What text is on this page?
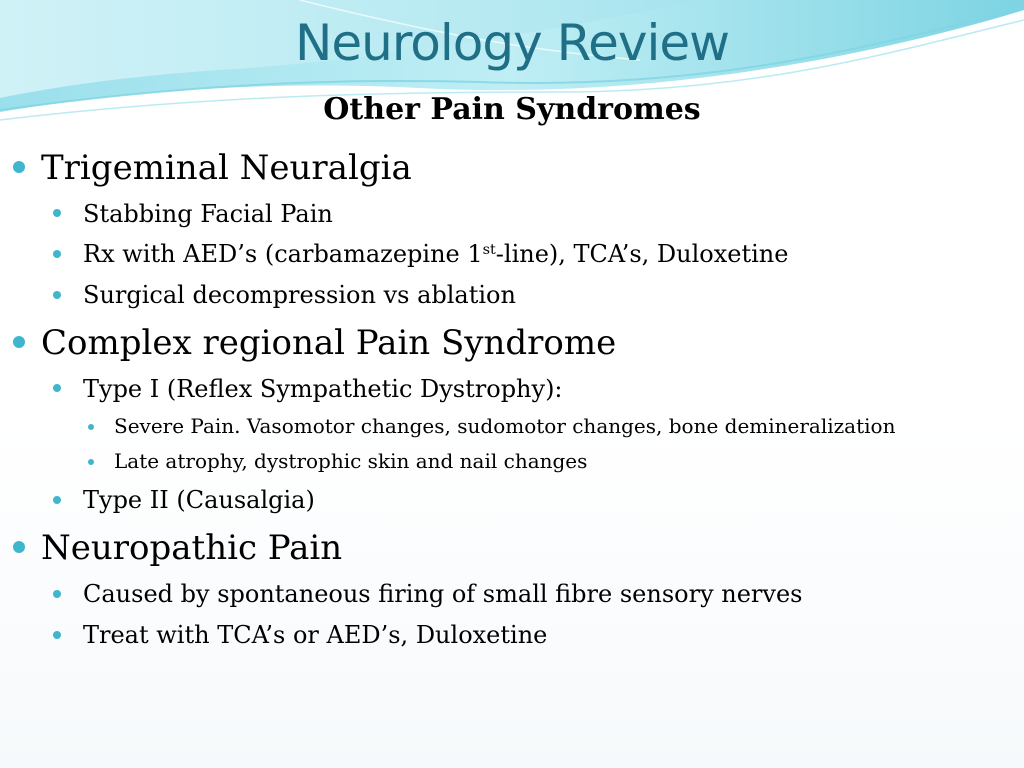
Neurology Review
Other Pain Syndromes
Trigeminal Neuralgia
Stabbing Facial Pain
Rx with AED’s (carbamazepine 1st-line), TCA’s, Duloxetine
Surgical decompression vs ablation
Complex regional Pain Syndrome
Type I (Reflex Sympathetic Dystrophy):
Severe Pain. Vasomotor changes, sudomotor changes, bone demineralization
Late atrophy, dystrophic skin and nail changes
Type II (Causalgia)
Neuropathic Pain
Caused by spontaneous firing of small fibre sensory nerves
Treat with TCA’s or AED’s, Duloxetine
